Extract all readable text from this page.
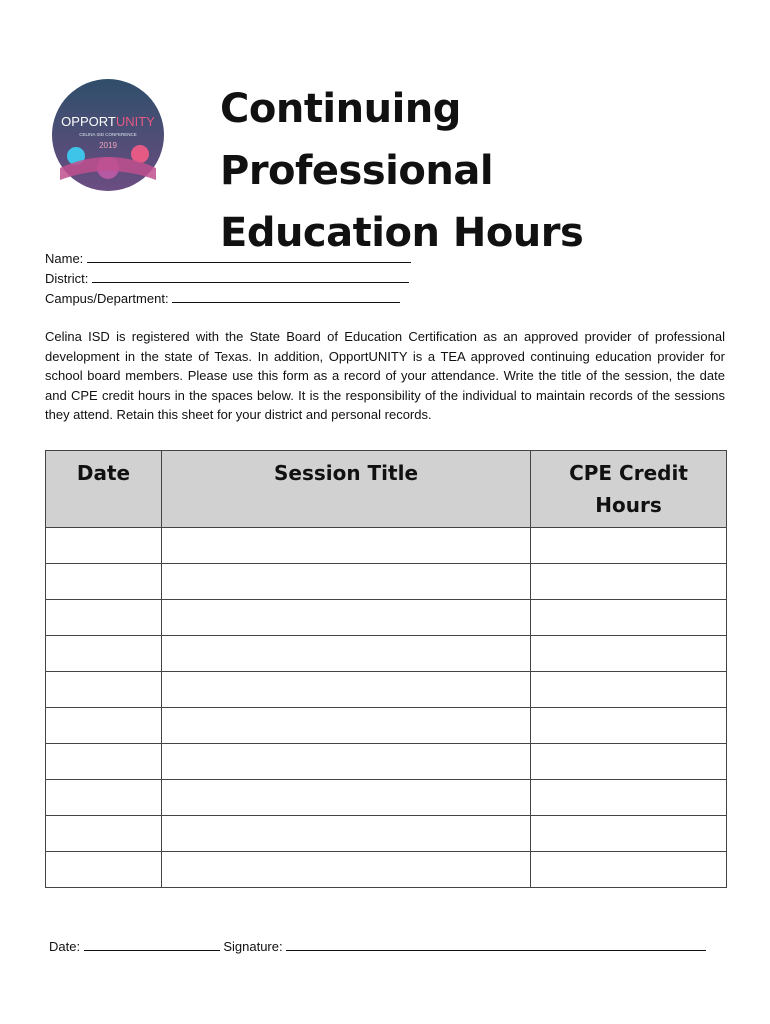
OPPORTUNITY
CELINA ISD CONFERENCE
2019
Continuing Professional
Education Hours
Name:
District:
Campus/Department:

Celina ISD is registered with the State Board of Education Certification as an approved provider of professional development in the state of Texas. In addition, OpportUNITY is a TEA approved continuing education provider for school board members. Please use this form as a record of your attendance. Write the title of the session, the date and CPE credit hours in the spaces below. It is the responsibility of the individual to maintain records of the sessions they attend. Retain this sheet for your district and personal records.

Date	Session Title	CPE Credit Hours

Date:	Signature:
